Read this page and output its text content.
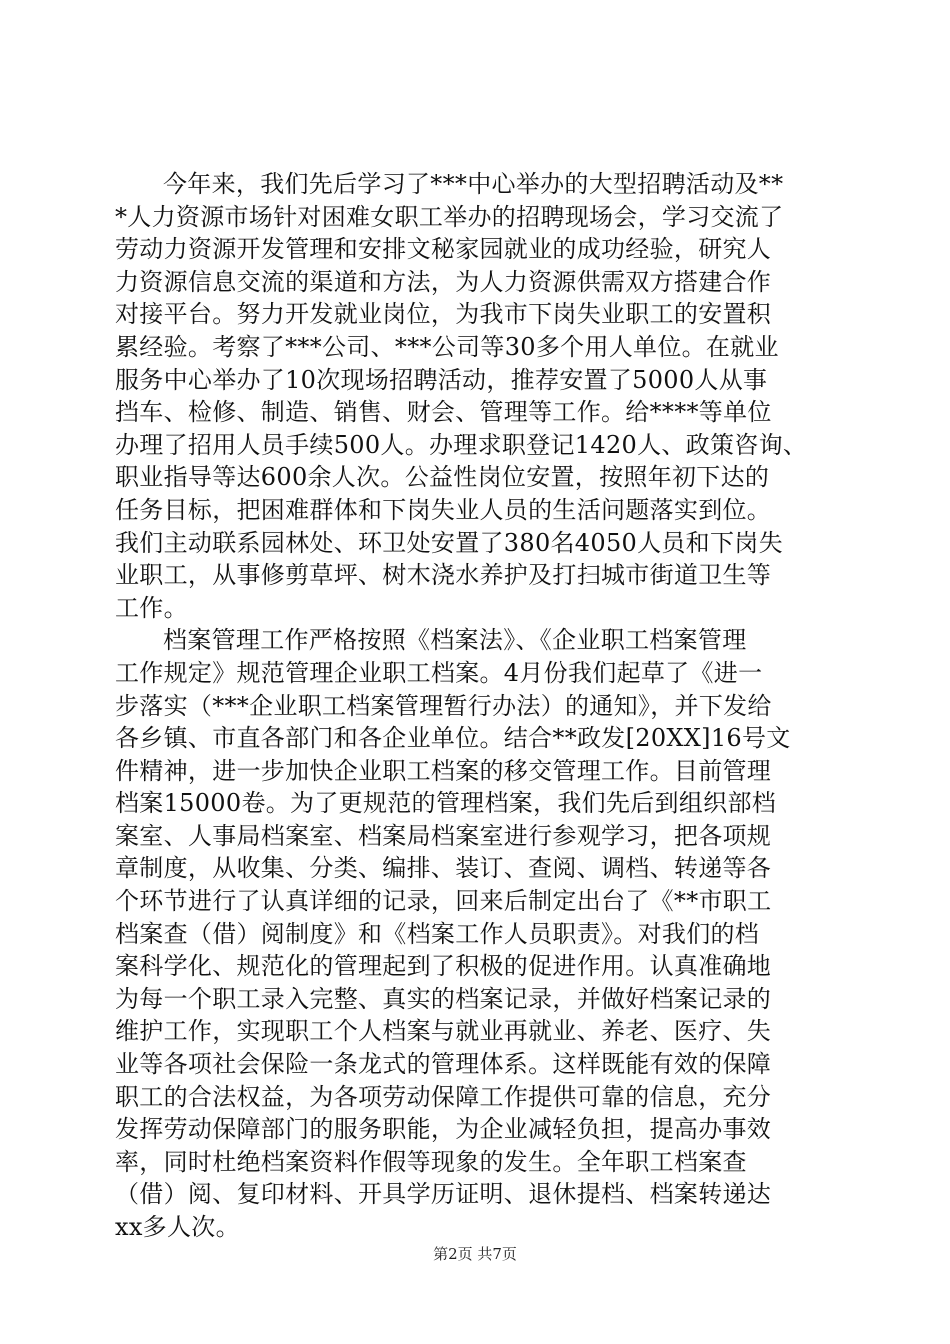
今年来，我们先后学习了***中心举办的大型招聘活动及**
*人力资源市场针对困难女职工举办的招聘现场会，学习交流了
劳动力资源开发管理和安排文秘家园就业的成功经验，研究人
力资源信息交流的渠道和方法，为人力资源供需双方搭建合作
对接平台。努力开发就业岗位，为我市下岗失业职工的安置积
累经验。考察了***公司、***公司等30多个用人单位。在就业
服务中心举办了10次现场招聘活动，推荐安置了5000人从事
挡车、检修、制造、销售、财会、管理等工作。给****等单位
办理了招用人员手续500人。办理求职登记1420人、政策咨询、
职业指导等达600余人次。公益性岗位安置，按照年初下达的
任务目标，把困难群体和下岗失业人员的生活问题落实到位。
我们主动联系园林处、环卫处安置了380名4050人员和下岗失
业职工，从事修剪草坪、树木浇水养护及打扫城市街道卫生等
工作。
档案管理工作严格按照《档案法》、《企业职工档案管理
工作规定》规范管理企业职工档案。4月份我们起草了《进一
步落实（***企业职工档案管理暂行办法）的通知》，并下发给
各乡镇、市直各部门和各企业单位。结合**政发[20XX]16号文
件精神，进一步加快企业职工档案的移交管理工作。目前管理
档案15000卷。为了更规范的管理档案，我们先后到组织部档
案室、人事局档案室、档案局档案室进行参观学习，把各项规
章制度，从收集、分类、编排、装订、查阅、调档、转递等各
个环节进行了认真详细的记录，回来后制定出台了《**市职工
档案查（借）阅制度》和《档案工作人员职责》。对我们的档
案科学化、规范化的管理起到了积极的促进作用。认真准确地
为每一个职工录入完整、真实的档案记录，并做好档案记录的
维护工作，实现职工个人档案与就业再就业、养老、医疗、失
业等各项社会保险一条龙式的管理体系。这样既能有效的保障
职工的合法权益，为各项劳动保障工作提供可靠的信息，充分
发挥劳动保障部门的服务职能，为企业减轻负担，提高办事效
率，同时杜绝档案资料作假等现象的发生。全年职工档案查
（借）阅、复印材料、开具学历证明、退休提档、档案转递达
xx多人次。
第2页 共7页
